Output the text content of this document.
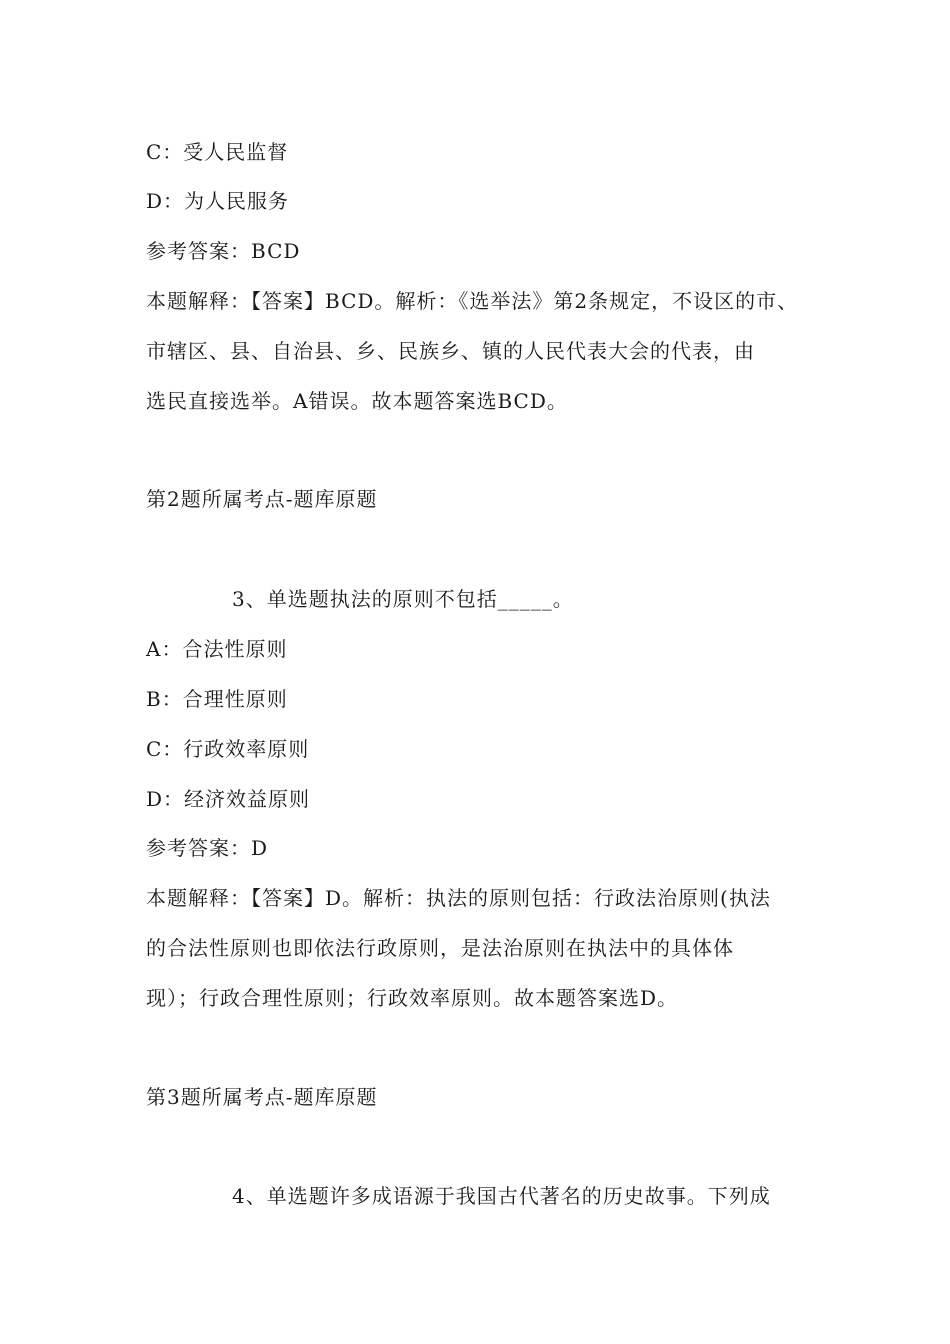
C：受人民监督
D：为人民服务
参考答案：BCD
本题解释：【答案】BCD。解析：《选举法》第2条规定，不设区的市、
市辖区、县、自治县、乡、民族乡、镇的人民代表大会的代表，由
选民直接选举。A错误。故本题答案选BCD。
第2题所属考点-题库原题
3、单选题执法的原则不包括_____。
A：合法性原则
B：合理性原则
C：行政效率原则
D：经济效益原则
参考答案：D
本题解释：【答案】D。解析：执法的原则包括：行政法治原则(执法
的合法性原则也即依法行政原则，是法治原则在执法中的具体体
现）；行政合理性原则；行政效率原则。故本题答案选D。
第3题所属考点-题库原题
4、单选题许多成语源于我国古代著名的历史故事。下列成
